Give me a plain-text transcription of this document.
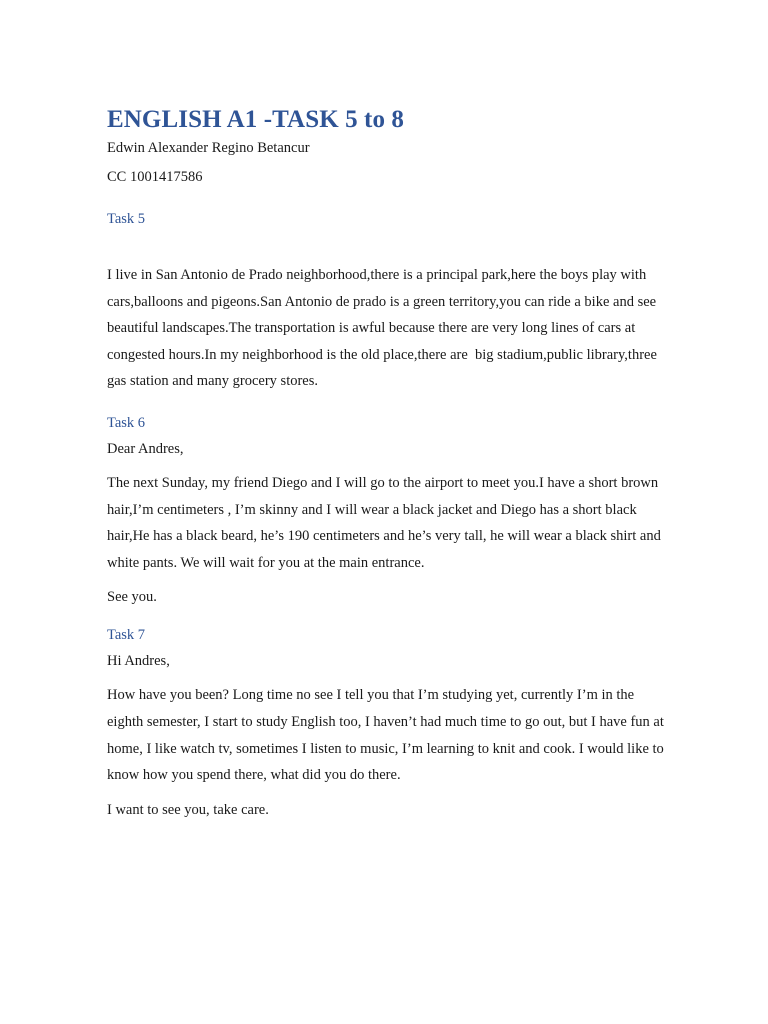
ENGLISH A1 -TASK 5 to 8

Edwin Alexander Regino Betancur

CC 1001417586

Task 5

I live in San Antonio de Prado neighborhood,there is a principal park,here the boys play with cars,balloons and pigeons.San Antonio de prado is a green territory,you can ride a bike and see beautiful landscapes.The transportation is awful because there are very long lines of cars at congested hours.In my neighborhood is the old place,there are  big stadium,public library,three gas station and many grocery stores.

Task 6

Dear Andres,

The next Sunday, my friend Diego and I will go to the airport to meet you.I have a short brown hair,I’m centimeters , I’m skinny and I will wear a black jacket and Diego has a short black  hair,He has a black beard, he’s 190 centimeters and he’s very tall, he will wear a black shirt and white pants. We will wait for you at the main entrance.

See you.

Task 7

Hi Andres,

How have you been? Long time no see I tell you that I’m studying yet, currently I’m in the eighth semester, I start to study English too, I haven’t had much time to go out, but I have fun at home, I like watch tv, sometimes I listen to music, I’m learning to knit and cook. I would like to know how you spend there, what did you do there.

I want to see you, take care.
